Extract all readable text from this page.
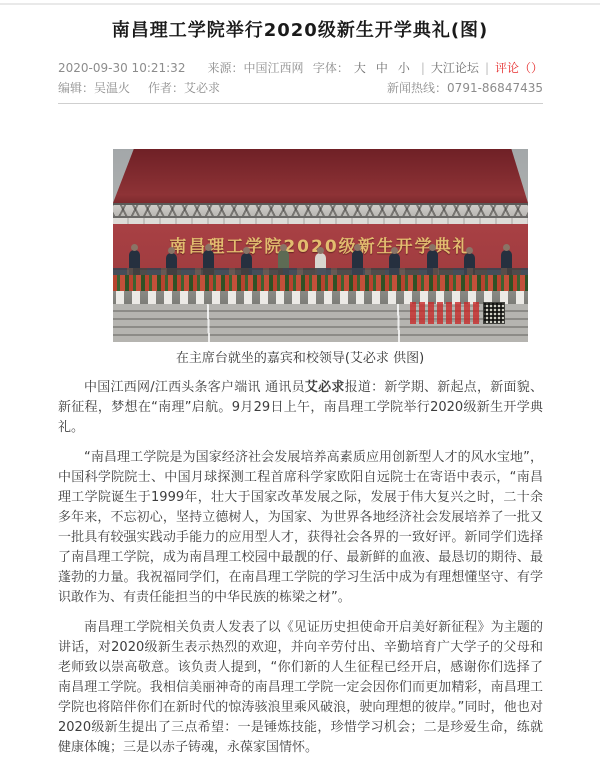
南昌理工学院举行2020级新生开学典礼(图)
2020-09-30 10:21:32 来源：中国江西网 字体： 大 中 小 | 大江论坛 | 评论（）
编辑：吴温火 作者：艾必求	新闻热线：0791-86847435
在主席台就坐的嘉宾和校领导(艾必求 供图)

中国江西网/江西头条客户端讯 通讯员艾必求报道：新学期、新起点，新面貌、新征程，梦想在“南理”启航。9月29日上午，南昌理工学院举行2020级新生开学典礼。

“南昌理工学院是为国家经济社会发展培养高素质应用创新型人才的风水宝地”，中国科学院院士、中国月球探测工程首席科学家欧阳自远院士在寄语中表示，“南昌理工学院诞生于1999年，壮大于国家改革发展之际，发展于伟大复兴之时，二十余多年来，不忘初心，坚持立德树人，为国家、为世界各地经济社会发展培养了一批又一批具有较强实践动手能力的应用型人才，获得社会各界的一致好评。新同学们选择了南昌理工学院，成为南昌理工校园中最靓的仔、最新鲜的血液、最恳切的期待、最蓬勃的力量。我祝福同学们，在南昌理工学院的学习生活中成为有理想懂坚守、有学识敢作为、有责任能担当的中华民族的栋梁之材”。

南昌理工学院相关负责人发表了以《见证历史担使命开启美好新征程》为主题的讲话，对2020级新生表示热烈的欢迎，并向辛劳付出、辛勤培育广大学子的父母和老师致以崇高敬意。该负责人提到，“你们新的人生征程已经开启，感谢你们选择了南昌理工学院。我相信美丽神奇的南昌理工学院一定会因你们而更加精彩，南昌理工学院也将陪伴你们在新时代的惊涛骇浪里乘风破浪，驶向理想的彼岸。”同时，他也对2020级新生提出了三点希望：一是锤炼技能，珍惜学习机会；二是珍爱生命，练就健康体魄；三是以赤子铸魂，永葆家国情怀。
